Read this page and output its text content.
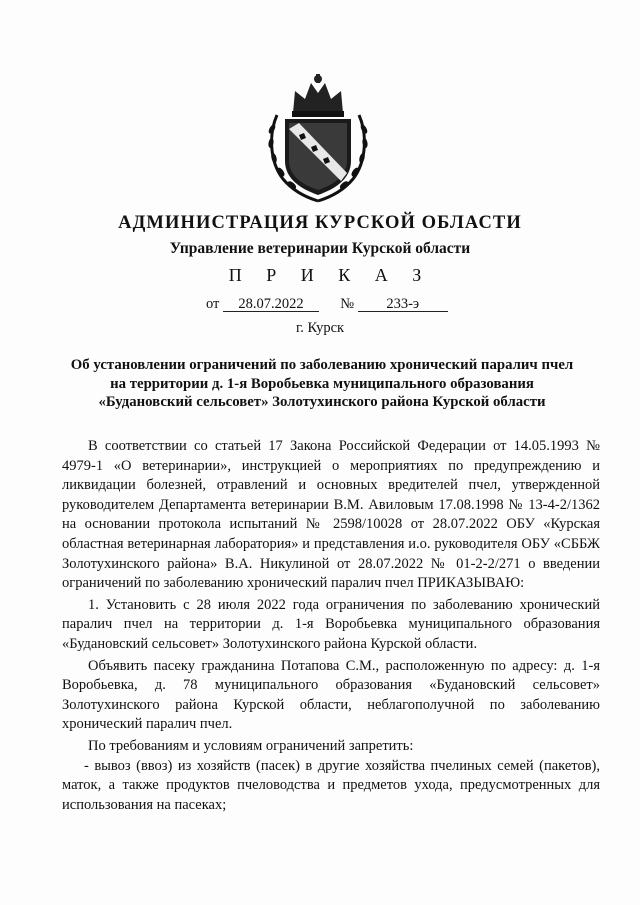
АДМИНИСТРАЦИЯ КУРСКОЙ ОБЛАСТИ
Управление ветеринарии Курской области
П Р И К А З
от 28.07.2022	№ 233-э
г. Курск
Об установлении ограничений по заболеванию хронический паралич пчел на территории д. 1-я Воробьевка муниципального образования «Будановский сельсовет» Золотухинского района Курской области

В соответствии со статьей 17 Закона Российской Федерации от 14.05.1993 № 4979-1 «О ветеринарии», инструкцией о мероприятиях по предупреждению и ликвидации болезней, отравлений и основных вредителей пчел, утвержденной руководителем Департамента ветеринарии В.М. Авиловым 17.08.1998 № 13-4-2/1362 на основании протокола испытаний № 2598/10028 от 28.07.2022 ОБУ «Курская областная ветеринарная лаборатория» и представления и.о. руководителя ОБУ «СББЖ Золотухинского района» В.А. Никулиной от 28.07.2022 № 01-2-2/271 о введении ограничений по заболеванию хронический паралич пчел ПРИКАЗЫВАЮ:

1. Установить с 28 июля 2022 года ограничения по заболеванию хронический паралич пчел на территории д. 1-я Воробьевка муниципального образования «Будановский сельсовет» Золотухинского района Курской области.

Объявить пасеку гражданина Потапова С.М., расположенную по адресу: д. 1-я Воробьевка, д. 78 муниципального образования «Будановский сельсовет» Золотухинского района Курской области, неблагополучной по заболеванию хронический паралич пчел.

По требованиям и условиям ограничений запретить:

- вывоз (ввоз) из хозяйств (пасек) в другие хозяйства пчелиных семей (пакетов), маток, а также продуктов пчеловодства и предметов ухода, предусмотренных для использования на пасеках;
